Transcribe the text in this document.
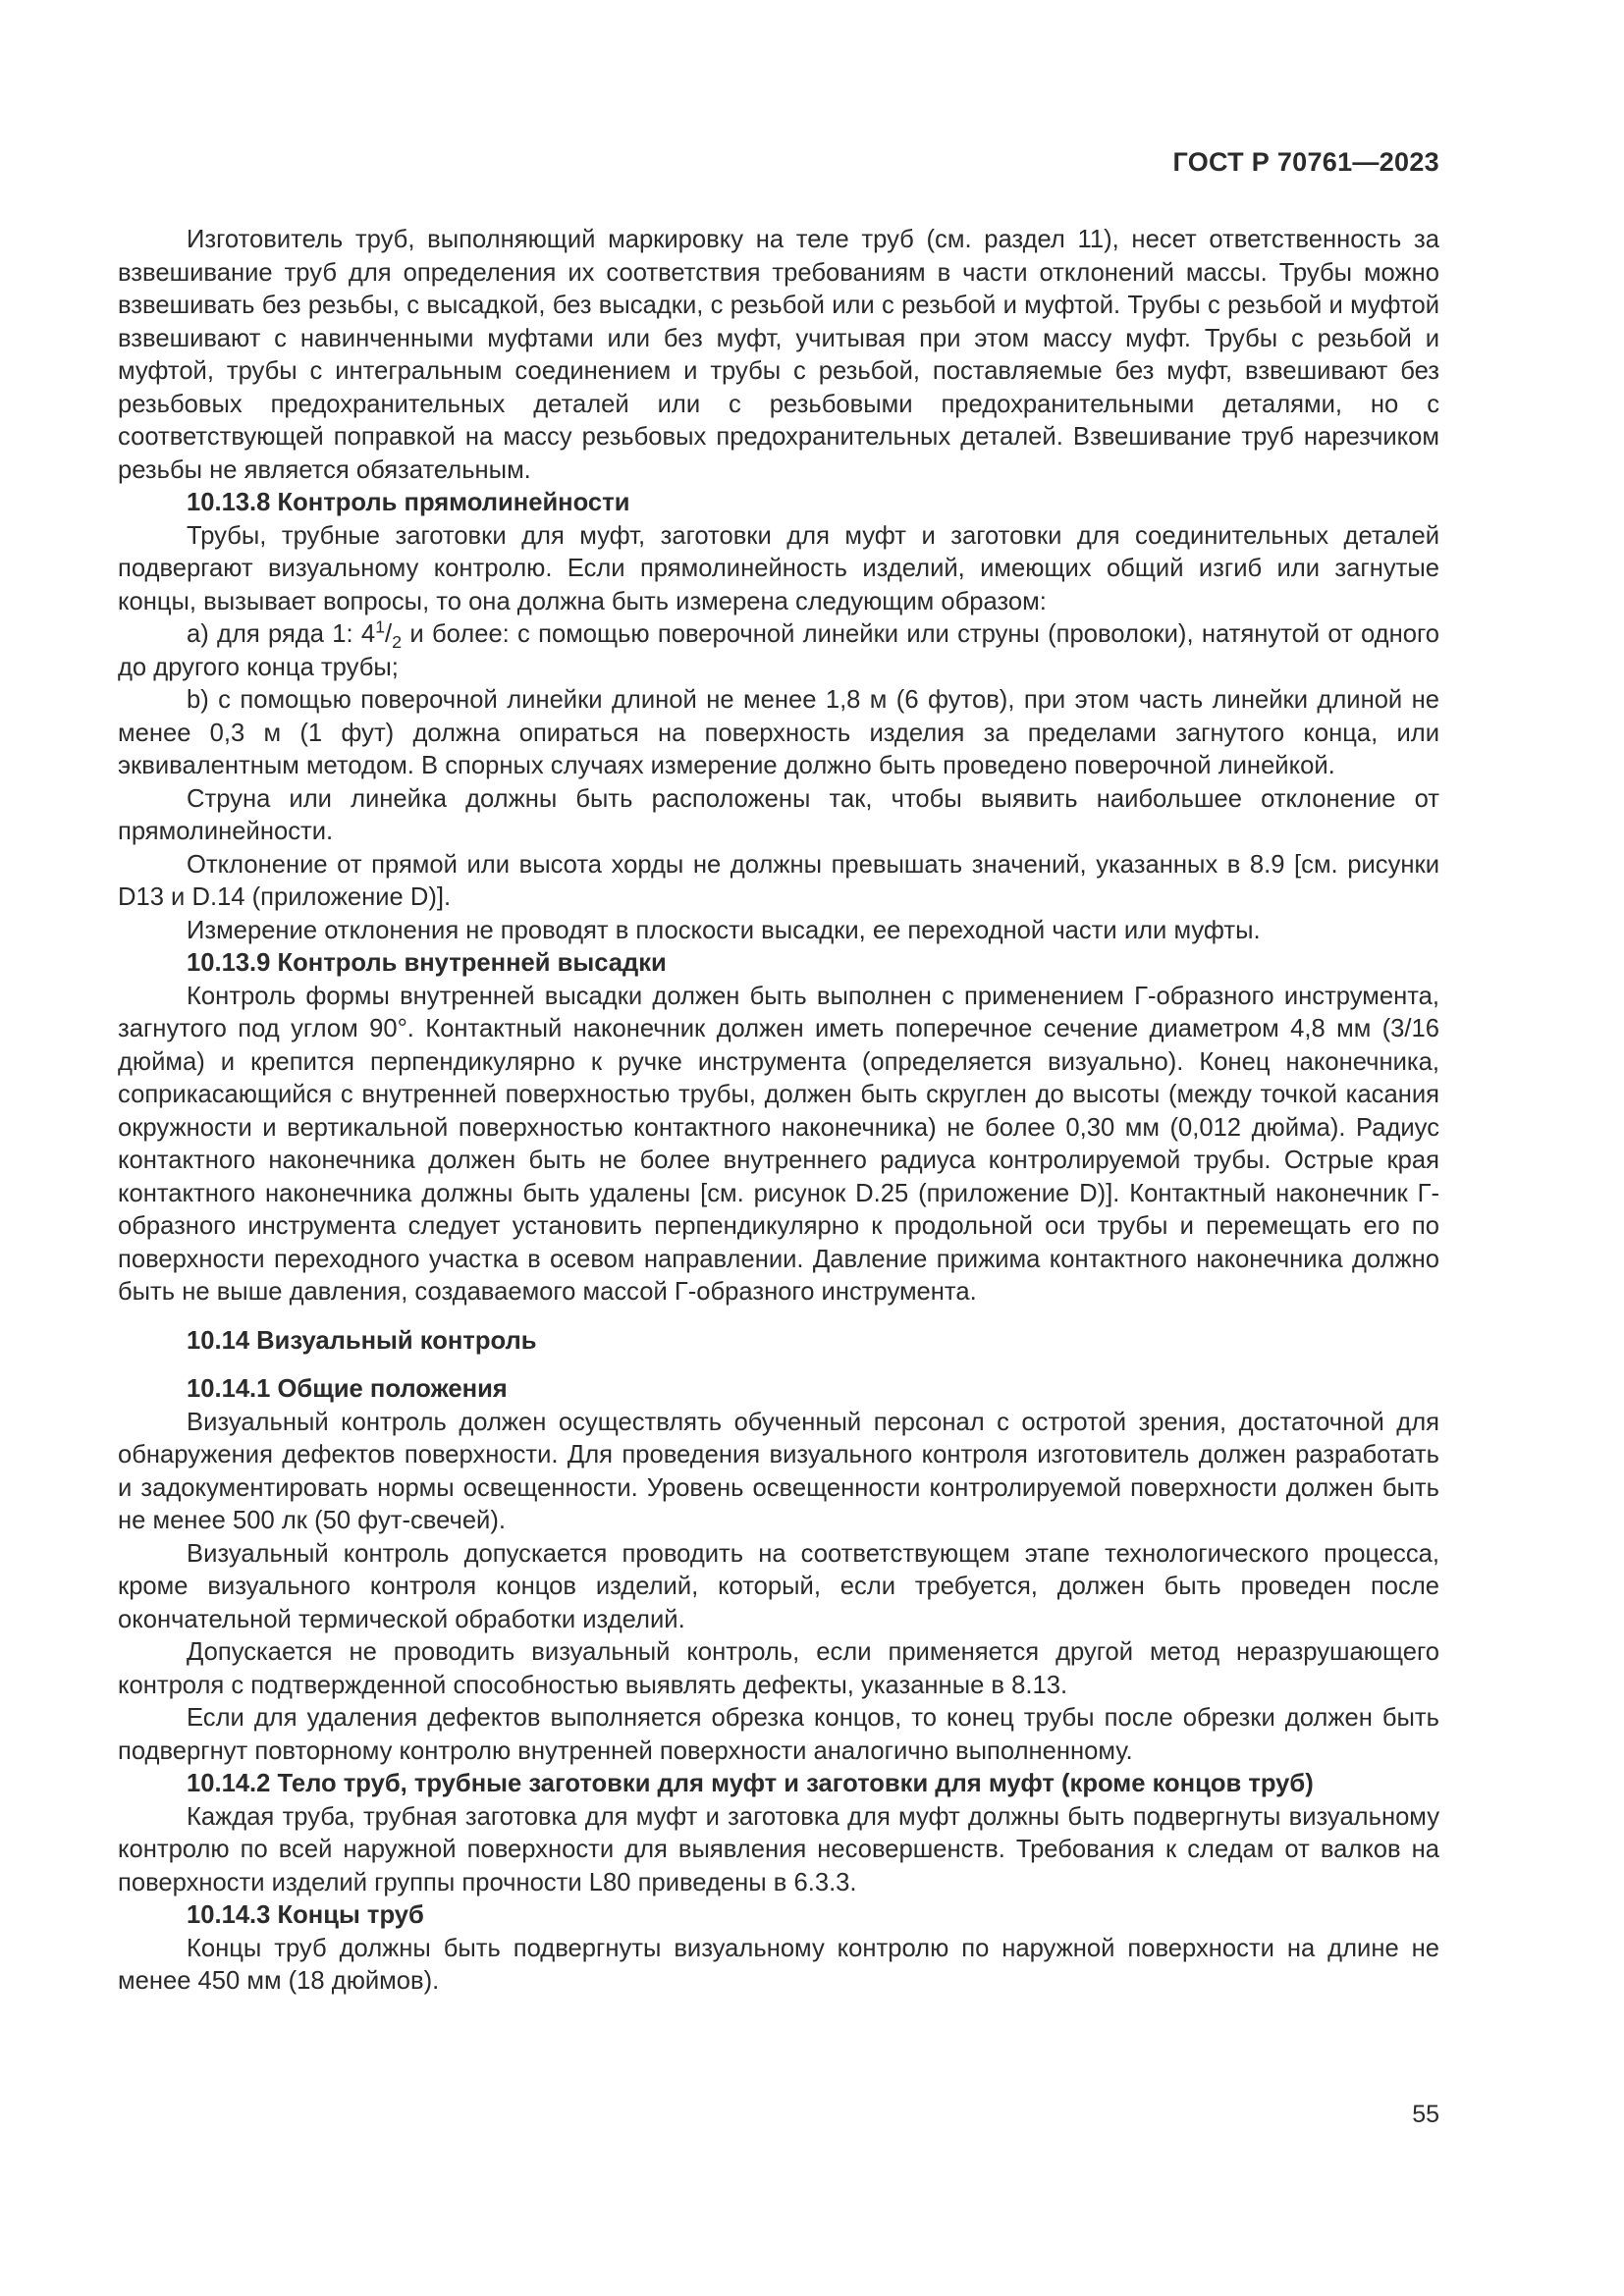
ГОСТ Р 70761—2023

Изготовитель труб, выполняющий маркировку на теле труб (см. раздел 11), несет ответственность за взвешивание труб для определения их соответствия требованиям в части отклонений массы. Трубы можно взвешивать без резьбы, с высадкой, без высадки, с резьбой или с резьбой и муфтой. Трубы с резьбой и муфтой взвешивают с навинченными муфтами или без муфт, учитывая при этом массу муфт. Трубы с резьбой и муфтой, трубы с интегральным соединением и трубы с резьбой, поставляемые без муфт, взвешивают без резьбовых предохранительных деталей или с резьбовыми предохранительными деталями, но с соответствующей поправкой на массу резьбовых предохранительных деталей. Взвешивание труб нарезчиком резьбы не является обязательным.

10.13.8 Контроль прямолинейности

Трубы, трубные заготовки для муфт, заготовки для муфт и заготовки для соединительных деталей подвергают визуальному контролю. Если прямолинейность изделий, имеющих общий изгиб или загнутые концы, вызывает вопросы, то она должна быть измерена следующим образом:

a) для ряда 1: $4^1/_2$ и более: с помощью поверочной линейки или струны (проволоки), натянутой от одного до другого конца трубы;

b) с помощью поверочной линейки длиной не менее 1,8 м (6 футов), при этом часть линейки длиной не менее 0,3 м (1 фут) должна опираться на поверхность изделия за пределами загнутого конца, или эквивалентным методом. В спорных случаях измерение должно быть проведено поверочной линейкой.

Струна или линейка должны быть расположены так, чтобы выявить наибольшее отклонение от прямолинейности.

Отклонение от прямой или высота хорды не должны превышать значений, указанных в 8.9 [см. рисунки D13 и D.14 (приложение D)].

Измерение отклонения не проводят в плоскости высадки, ее переходной части или муфты.

10.13.9 Контроль внутренней высадки

Контроль формы внутренней высадки должен быть выполнен с применением Г-образного инструмента, загнутого под углом 90°. Контактный наконечник должен иметь поперечное сечение диаметром 4,8 мм (3/16 дюйма) и крепится перпендикулярно к ручке инструмента (определяется визуально). Конец наконечника, соприкасающийся с внутренней поверхностью трубы, должен быть скруглен до высоты (между точкой касания окружности и вертикальной поверхностью контактного наконечника) не более 0,30 мм (0,012 дюйма). Радиус контактного наконечника должен быть не более внутреннего радиуса контролируемой трубы. Острые края контактного наконечника должны быть удалены [см. рисунок D.25 (приложение D)]. Контактный наконечник Г-образного инструмента следует установить перпендикулярно к продольной оси трубы и перемещать его по поверхности переходного участка в осевом направлении. Давление прижима контактного наконечника должно быть не выше давления, создаваемого массой Г-образного инструмента.

10.14 Визуальный контроль

10.14.1 Общие положения

Визуальный контроль должен осуществлять обученный персонал с остротой зрения, достаточной для обнаружения дефектов поверхности. Для проведения визуального контроля изготовитель должен разработать и задокументировать нормы освещенности. Уровень освещенности контролируемой поверхности должен быть не менее 500 лк (50 фут-свечей).

Визуальный контроль допускается проводить на соответствующем этапе технологического процесса, кроме визуального контроля концов изделий, который, если требуется, должен быть проведен после окончательной термической обработки изделий.

Допускается не проводить визуальный контроль, если применяется другой метод неразрушающего контроля с подтвержденной способностью выявлять дефекты, указанные в 8.13.

Если для удаления дефектов выполняется обрезка концов, то конец трубы после обрезки должен быть подвергнут повторному контролю внутренней поверхности аналогично выполненному.

10.14.2 Тело труб, трубные заготовки для муфт и заготовки для муфт (кроме концов труб)

Каждая труба, трубная заготовка для муфт и заготовка для муфт должны быть подвергнуты визуальному контролю по всей наружной поверхности для выявления несовершенств. Требования к следам от валков на поверхности изделий группы прочности L80 приведены в 6.3.3.

10.14.3 Концы труб

Концы труб должны быть подвергнуты визуальному контролю по наружной поверхности на длине не менее 450 мм (18 дюймов).

55
